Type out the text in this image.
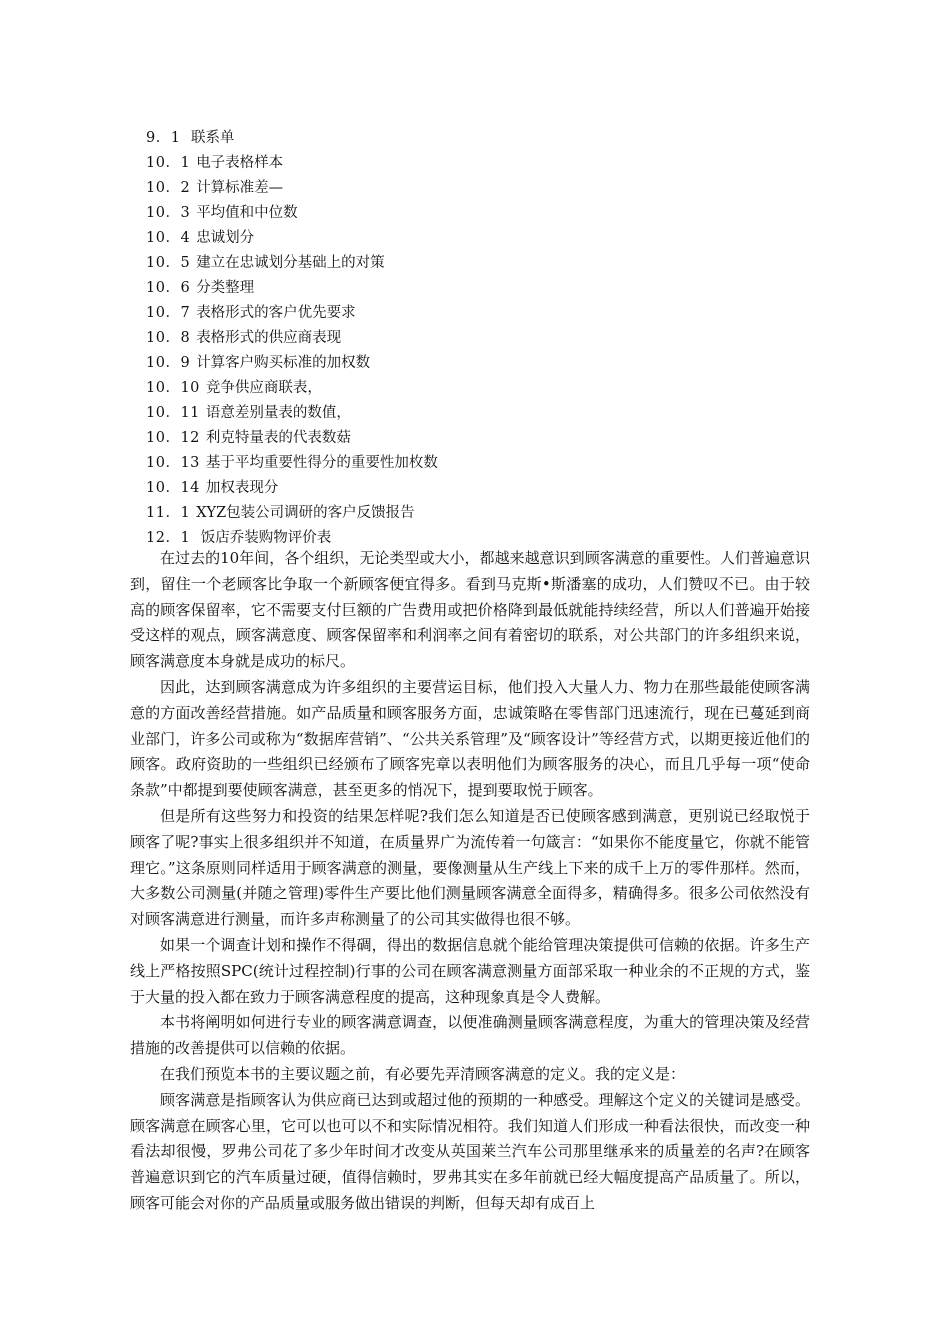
9．1 联系单
10．1 电子表格样本
10．2 计算标准差—
10．3 平均值和中位数
10．4 忠诚划分
10．5 建立在忠诚划分基础上的对策
10．6 分类整理
10．7 表格形式的客户优先要求
10．8 表格形式的供应商表现
10．9 计算客户购买标准的加权数
10．10 竞争供应商联表，
10．11 语意差别量表的数值，
10．12 利克特量表的代表数菇
10．13 基于平均重要性得分的重要性加枚数
10．14 加权表现分
11．1 XYZ包装公司调研的客户反馈报告
12．1 饭店乔装购物评价表

在过去的10年间，各个组织，无论类型或大小，都越来越意识到顾客满意的重要性。人们普遍意识到，留住一个老顾客比争取一个新顾客便宜得多。看到马克斯•斯潘塞的成功，人们赞叹不已。由于较高的顾客保留率，它不需要支付巨额的广告费用或把价格降到最低就能持续经营，所以人们普遍开始接受这样的观点，顾客满意度、顾客保留率和利润率之间有着密切的联系，对公共部门的许多组织来说，顾客满意度本身就是成功的标尺。

因此，达到顾客满意成为许多组织的主要营运目标，他们投入大量人力、物力在那些最能使顾客满意的方面改善经营措施。如产品质量和顾客服务方面，忠诚策略在零售部门迅速流行，现在已蔓延到商业部门，许多公司或称为“数据库营销”、“公共关系管理”及“顾客设计”等经营方式，以期更接近他们的顾客。政府资助的一些组织已经颁布了顾客宪章以表明他们为顾客服务的决心，而且几乎每一项“使命条款”中都提到要使顾客满意，甚至更多的悄况下，提到要取悦于顾客。

但是所有这些努力和投资的结果怎样呢?我们怎么知道是否已使顾客感到满意，更别说已经取悦于顾客了呢?事实上很多组织并不知道，在质量界广为流传着一句箴言：“如果你不能度量它，你就不能管理它。”这条原则同样适用于顾客满意的测量，要像测量从生产线上下来的成千上万的零件那样。然而，大多数公司测量(并随之管理)零件生产要比他们测量顾客满意全面得多，精确得多。很多公司依然没有对顾客满意进行测量，而许多声称测量了的公司其实做得也很不够。

如果一个调查计划和操作不得碉，得出的数据信息就个能给管理决策提供可信赖的依据。许多生产线上严格按照SPC(统计过程控制)行事的公司在顾客满意测量方面部采取一种业余的不正规的方式，鉴于大量的投入都在致力于顾客满意程度的提高，这种现象真是令人费解。

本书将阐明如何进行专业的顾客满意调查，以便准确测量顾客满意程度，为重大的管理决策及经营措施的改善提供可以信赖的依据。

在我们预览本书的主要议题之前，有必要先弄清顾客满意的定义。我的定义是：

顾客满意是指顾客认为供应商已达到或超过他的预期的一种感受。理解这个定义的关键词是感受。顾客满意在顾客心里，它可以也可以不和实际情况相符。我们知道人们形成一种看法很快，而改变一种看法却很慢，罗弗公司花了多少年时间才改变从英国莱兰汽车公司那里继承来的质量差的名声?在顾客普遍意识到它的汽车质量过硬，值得信赖时，罗弗其实在多年前就已经大幅度提高产品质量了。所以，顾客可能会对你的产品质量或服务做出错误的判断，但每天却有成百上
